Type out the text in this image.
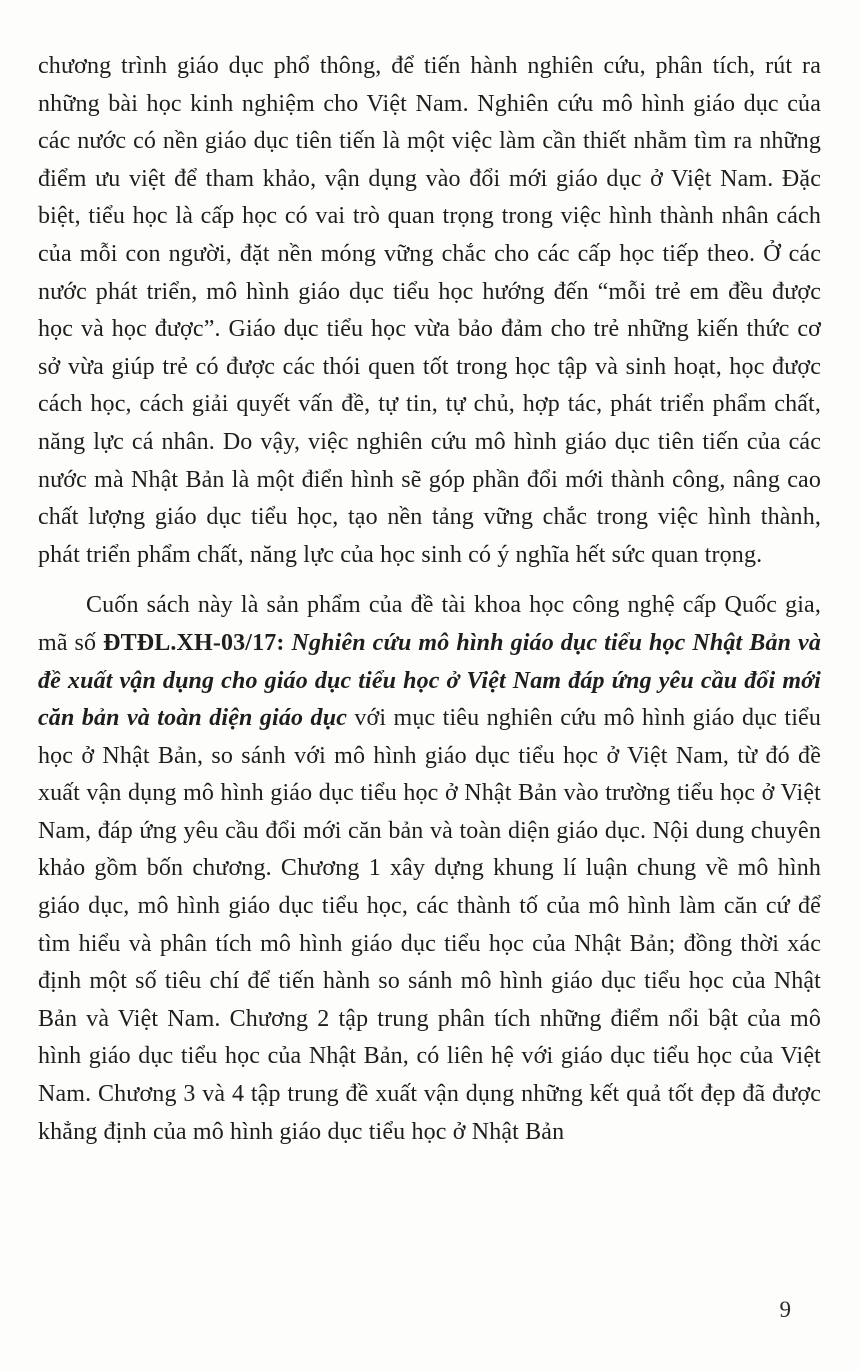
chương trình giáo dục phổ thông, để tiến hành nghiên cứu, phân tích, rút ra những bài học kinh nghiệm cho Việt Nam. Nghiên cứu mô hình giáo dục của các nước có nền giáo dục tiên tiến là một việc làm cần thiết nhằm tìm ra những điểm ưu việt để tham khảo, vận dụng vào đổi mới giáo dục ở Việt Nam. Đặc biệt, tiểu học là cấp học có vai trò quan trọng trong việc hình thành nhân cách của mỗi con người, đặt nền móng vững chắc cho các cấp học tiếp theo. Ở các nước phát triển, mô hình giáo dục tiểu học hướng đến “mỗi trẻ em đều được học và học được”. Giáo dục tiểu học vừa bảo đảm cho trẻ những kiến thức cơ sở vừa giúp trẻ có được các thói quen tốt trong học tập và sinh hoạt, học được cách học, cách giải quyết vấn đề, tự tin, tự chủ, hợp tác, phát triển phẩm chất, năng lực cá nhân. Do vậy, việc nghiên cứu mô hình giáo dục tiên tiến của các nước mà Nhật Bản là một điển hình sẽ góp phần đổi mới thành công, nâng cao chất lượng giáo dục tiểu học, tạo nền tảng vững chắc trong việc hình thành, phát triển phẩm chất, năng lực của học sinh có ý nghĩa hết sức quan trọng.

Cuốn sách này là sản phẩm của đề tài khoa học công nghệ cấp Quốc gia, mã số ĐTĐL.XH-03/17: Nghiên cứu mô hình giáo dục tiểu học Nhật Bản và đề xuất vận dụng cho giáo dục tiểu học ở Việt Nam đáp ứng yêu cầu đổi mới căn bản và toàn diện giáo dục với mục tiêu nghiên cứu mô hình giáo dục tiểu học ở Nhật Bản, so sánh với mô hình giáo dục tiểu học ở Việt Nam, từ đó đề xuất vận dụng mô hình giáo dục tiểu học ở Nhật Bản vào trường tiểu học ở Việt Nam, đáp ứng yêu cầu đổi mới căn bản và toàn diện giáo dục. Nội dung chuyên khảo gồm bốn chương. Chương 1 xây dựng khung lí luận chung về mô hình giáo dục, mô hình giáo dục tiểu học, các thành tố của mô hình làm căn cứ để tìm hiểu và phân tích mô hình giáo dục tiểu học của Nhật Bản; đồng thời xác định một số tiêu chí để tiến hành so sánh mô hình giáo dục tiểu học của Nhật Bản và Việt Nam. Chương 2 tập trung phân tích những điểm nổi bật của mô hình giáo dục tiểu học của Nhật Bản, có liên hệ với giáo dục tiểu học của Việt Nam. Chương 3 và 4 tập trung đề xuất vận dụng những kết quả tốt đẹp đã được khẳng định của mô hình giáo dục tiểu học ở Nhật Bản

9
